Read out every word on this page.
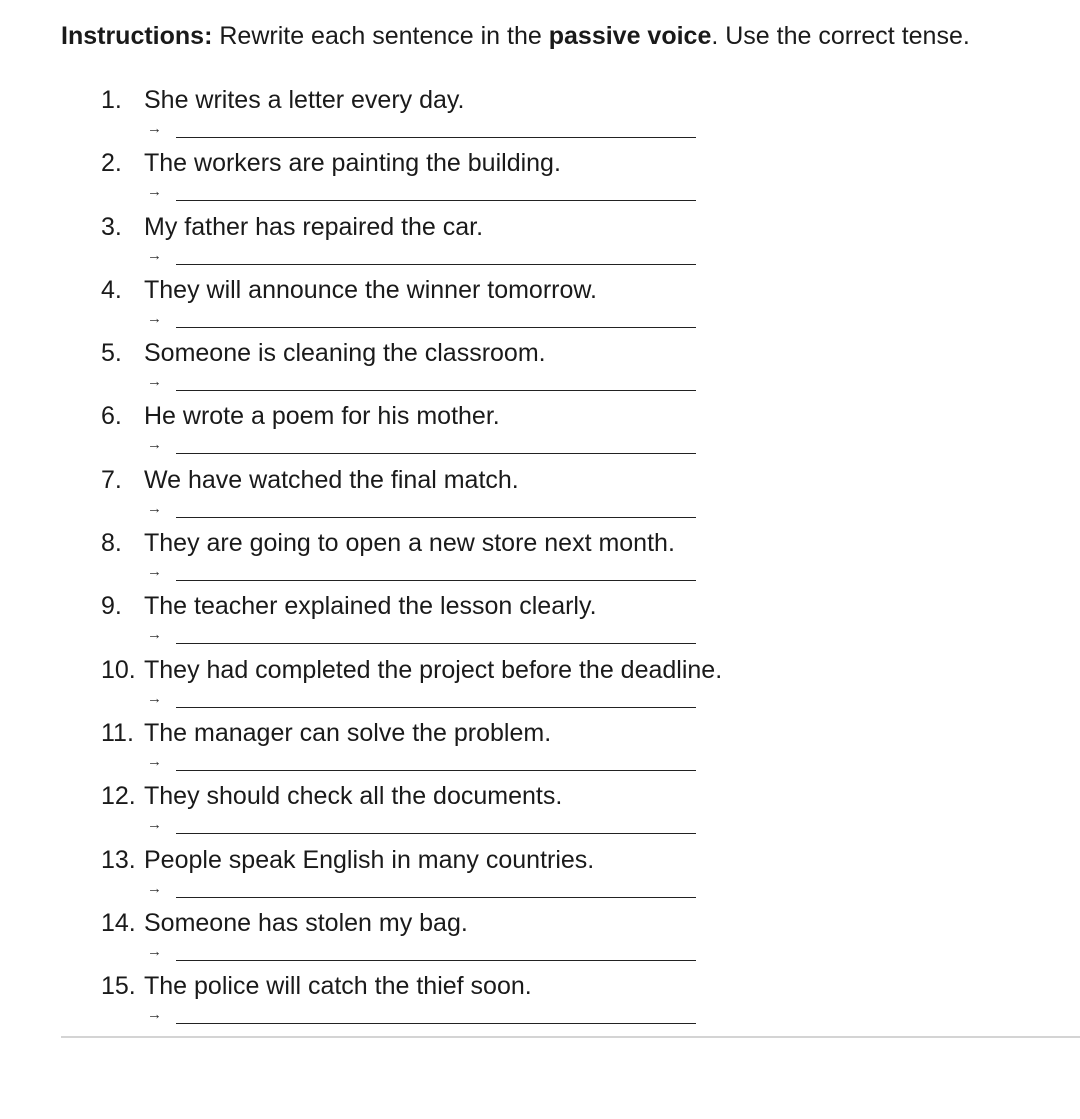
Instructions: Rewrite each sentence in the passive voice. Use the correct tense.
1. She writes a letter every day.
→
2. The workers are painting the building.
→
3. My father has repaired the car.
→
4. They will announce the winner tomorrow.
→
5. Someone is cleaning the classroom.
→
6. He wrote a poem for his mother.
→
7. We have watched the final match.
→
8. They are going to open a new store next month.
→
9. The teacher explained the lesson clearly.
→
10. They had completed the project before the deadline.
→
11. The manager can solve the problem.
→
12. They should check all the documents.
→
13. People speak English in many countries.
→
14. Someone has stolen my bag.
→
15. The police will catch the thief soon.
→
